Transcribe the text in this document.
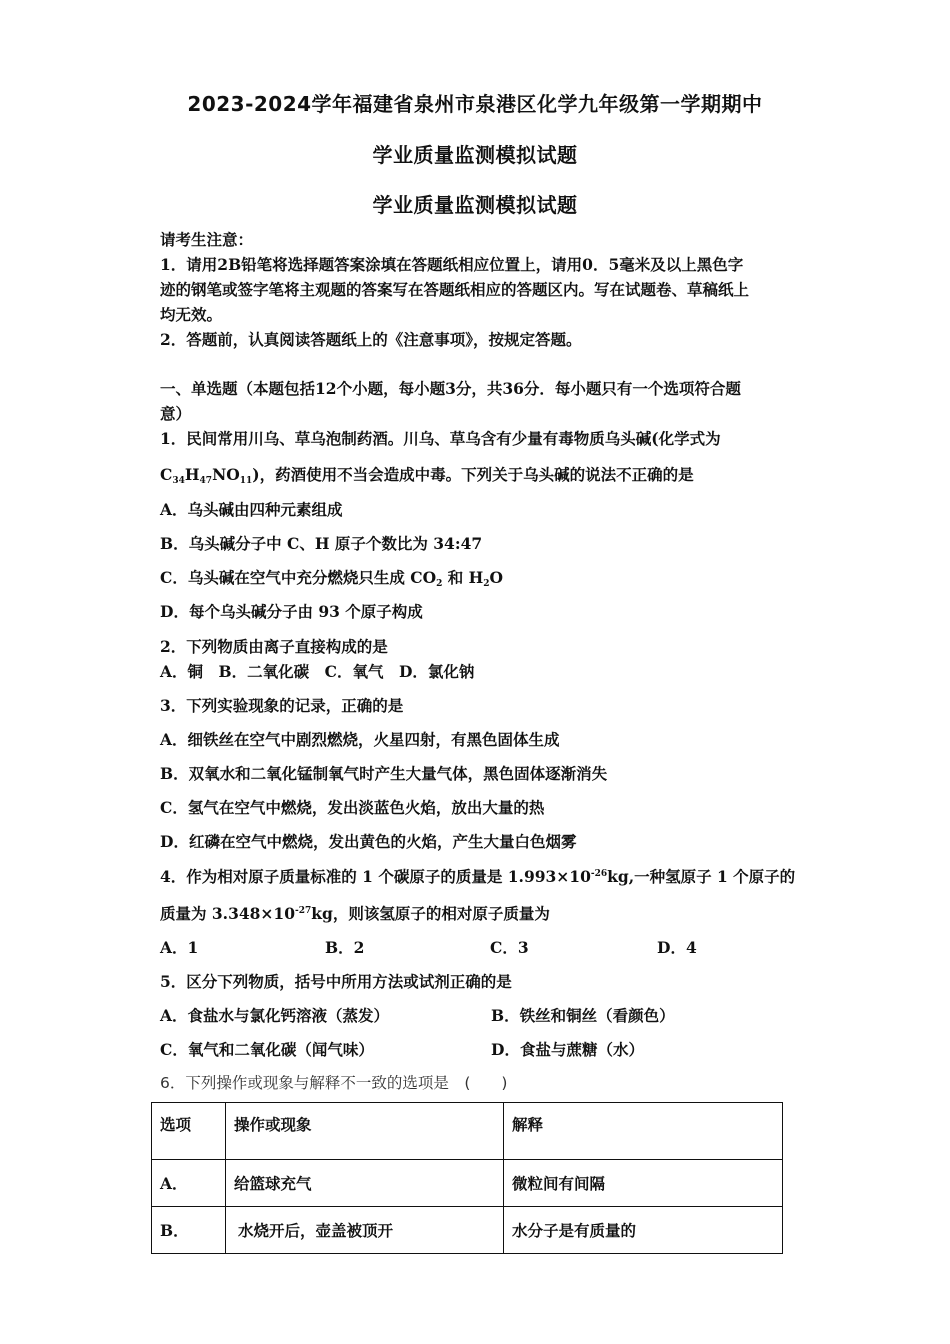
2023-2024学年福建省泉州市泉港区化学九年级第一学期期中
学业质量监测模拟试题
学业质量监测模拟试题
请考生注意：
1．请用2B铅笔将选择题答案涂填在答题纸相应位置上，请用0．5毫米及以上黑色字
迹的钢笔或签字笔将主观题的答案写在答题纸相应的答题区内。写在试题卷、草稿纸上
均无效。
2．答题前，认真阅读答题纸上的《注意事项》，按规定答题。
一、单选题（本题包括12个小题，每小题3分，共36分．每小题只有一个选项符合题
意）
1．民间常用川乌、草乌泡制药酒。川乌、草乌含有少量有毒物质乌头碱(化学式为
$C_{34}H_{47}NO_{11}$)，药酒使用不当会造成中毒。下列关于乌头碱的说法不正确的是
A．乌头碱由四种元素组成
B．乌头碱分子中 C、H 原子个数比为 34:47
C．乌头碱在空气中充分燃烧只生成 $CO_2$ 和 $H_2O$
D．每个乌头碱分子由 93 个原子构成
2．下列物质由离子直接构成的是
A．铜　B．二氧化碳　C．氧气　D．氯化钠
3．下列实验现象的记录，正确的是
A．细铁丝在空气中剧烈燃烧，火星四射，有黑色固体生成
B．双氧水和二氧化锰制氧气时产生大量气体，黑色固体逐渐消失
C．氢气在空气中燃烧，发出淡蓝色火焰，放出大量的热
D．红磷在空气中燃烧，发出黄色的火焰，产生大量白色烟雾
4．作为相对原子质量标准的 1 个碳原子的质量是 $1.993\times 10^{-26}kg$,一种氢原子 1 个原子的
质量为 $3.348\times 10^{-27}kg$，则该氢原子的相对原子质量为
A．1	B．2	C．3	D．4
5．区分下列物质，括号中所用方法或试剂正确的是
A．食盐水与氯化钙溶液（蒸发）	B．铁丝和铜丝（看颜色）
C．氧气和二氧化碳（闻气味）	D．食盐与蔗糖（水）
6．下列操作或现象与解释不一致的选项是　(　　)
选项	操作或现象	解释
A．	给篮球充气	微粒间有间隔
B．	水烧开后，壶盖被顶开	水分子是有质量的
